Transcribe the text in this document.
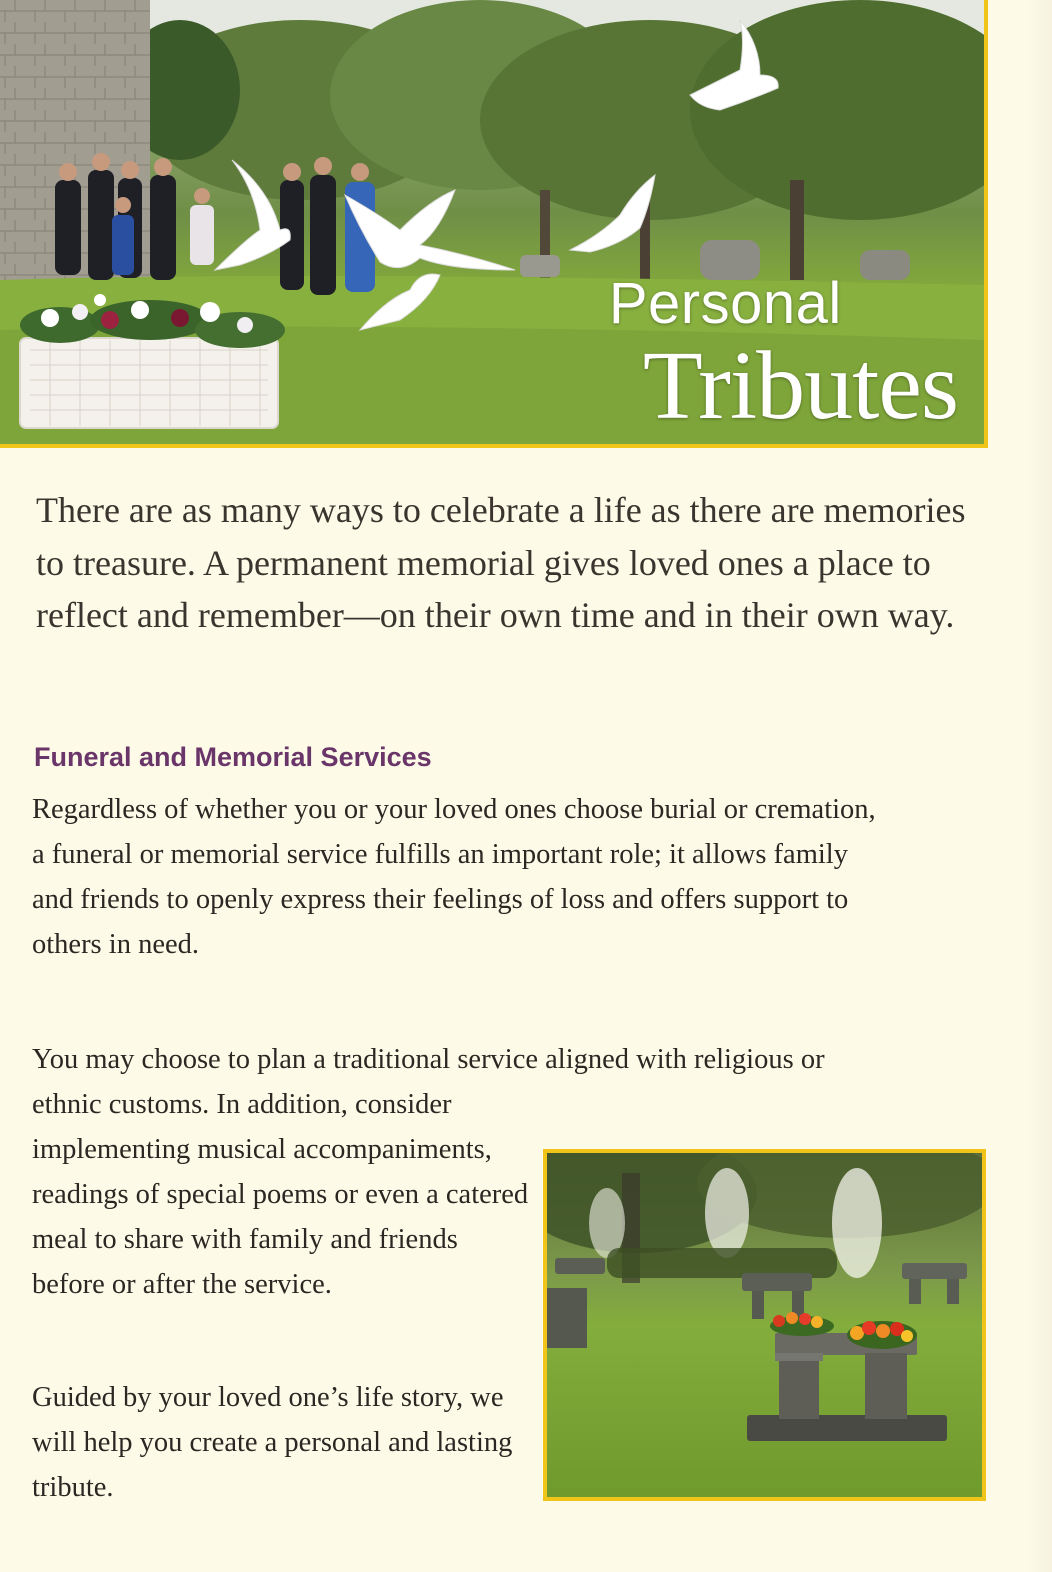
Personal
Tributes

There are as many ways to celebrate a life as there are memories to treasure. A permanent memorial gives loved ones a place to reflect and remember—on their own time and in their own way.

Funeral and Memorial Services

Regardless of whether you or your loved ones choose burial or cremation, a funeral or memorial service fulfills an important role; it allows family and friends to openly express their feelings of loss and offers support to others in need.

You may choose to plan a traditional service aligned with religious or ethnic customs. In addition, consider

implementing musical accompaniments, readings of special poems or even a catered meal to share with family and friends before or after the service.

Guided by your loved one’s life story, we will help you create a personal and lasting tribute.
